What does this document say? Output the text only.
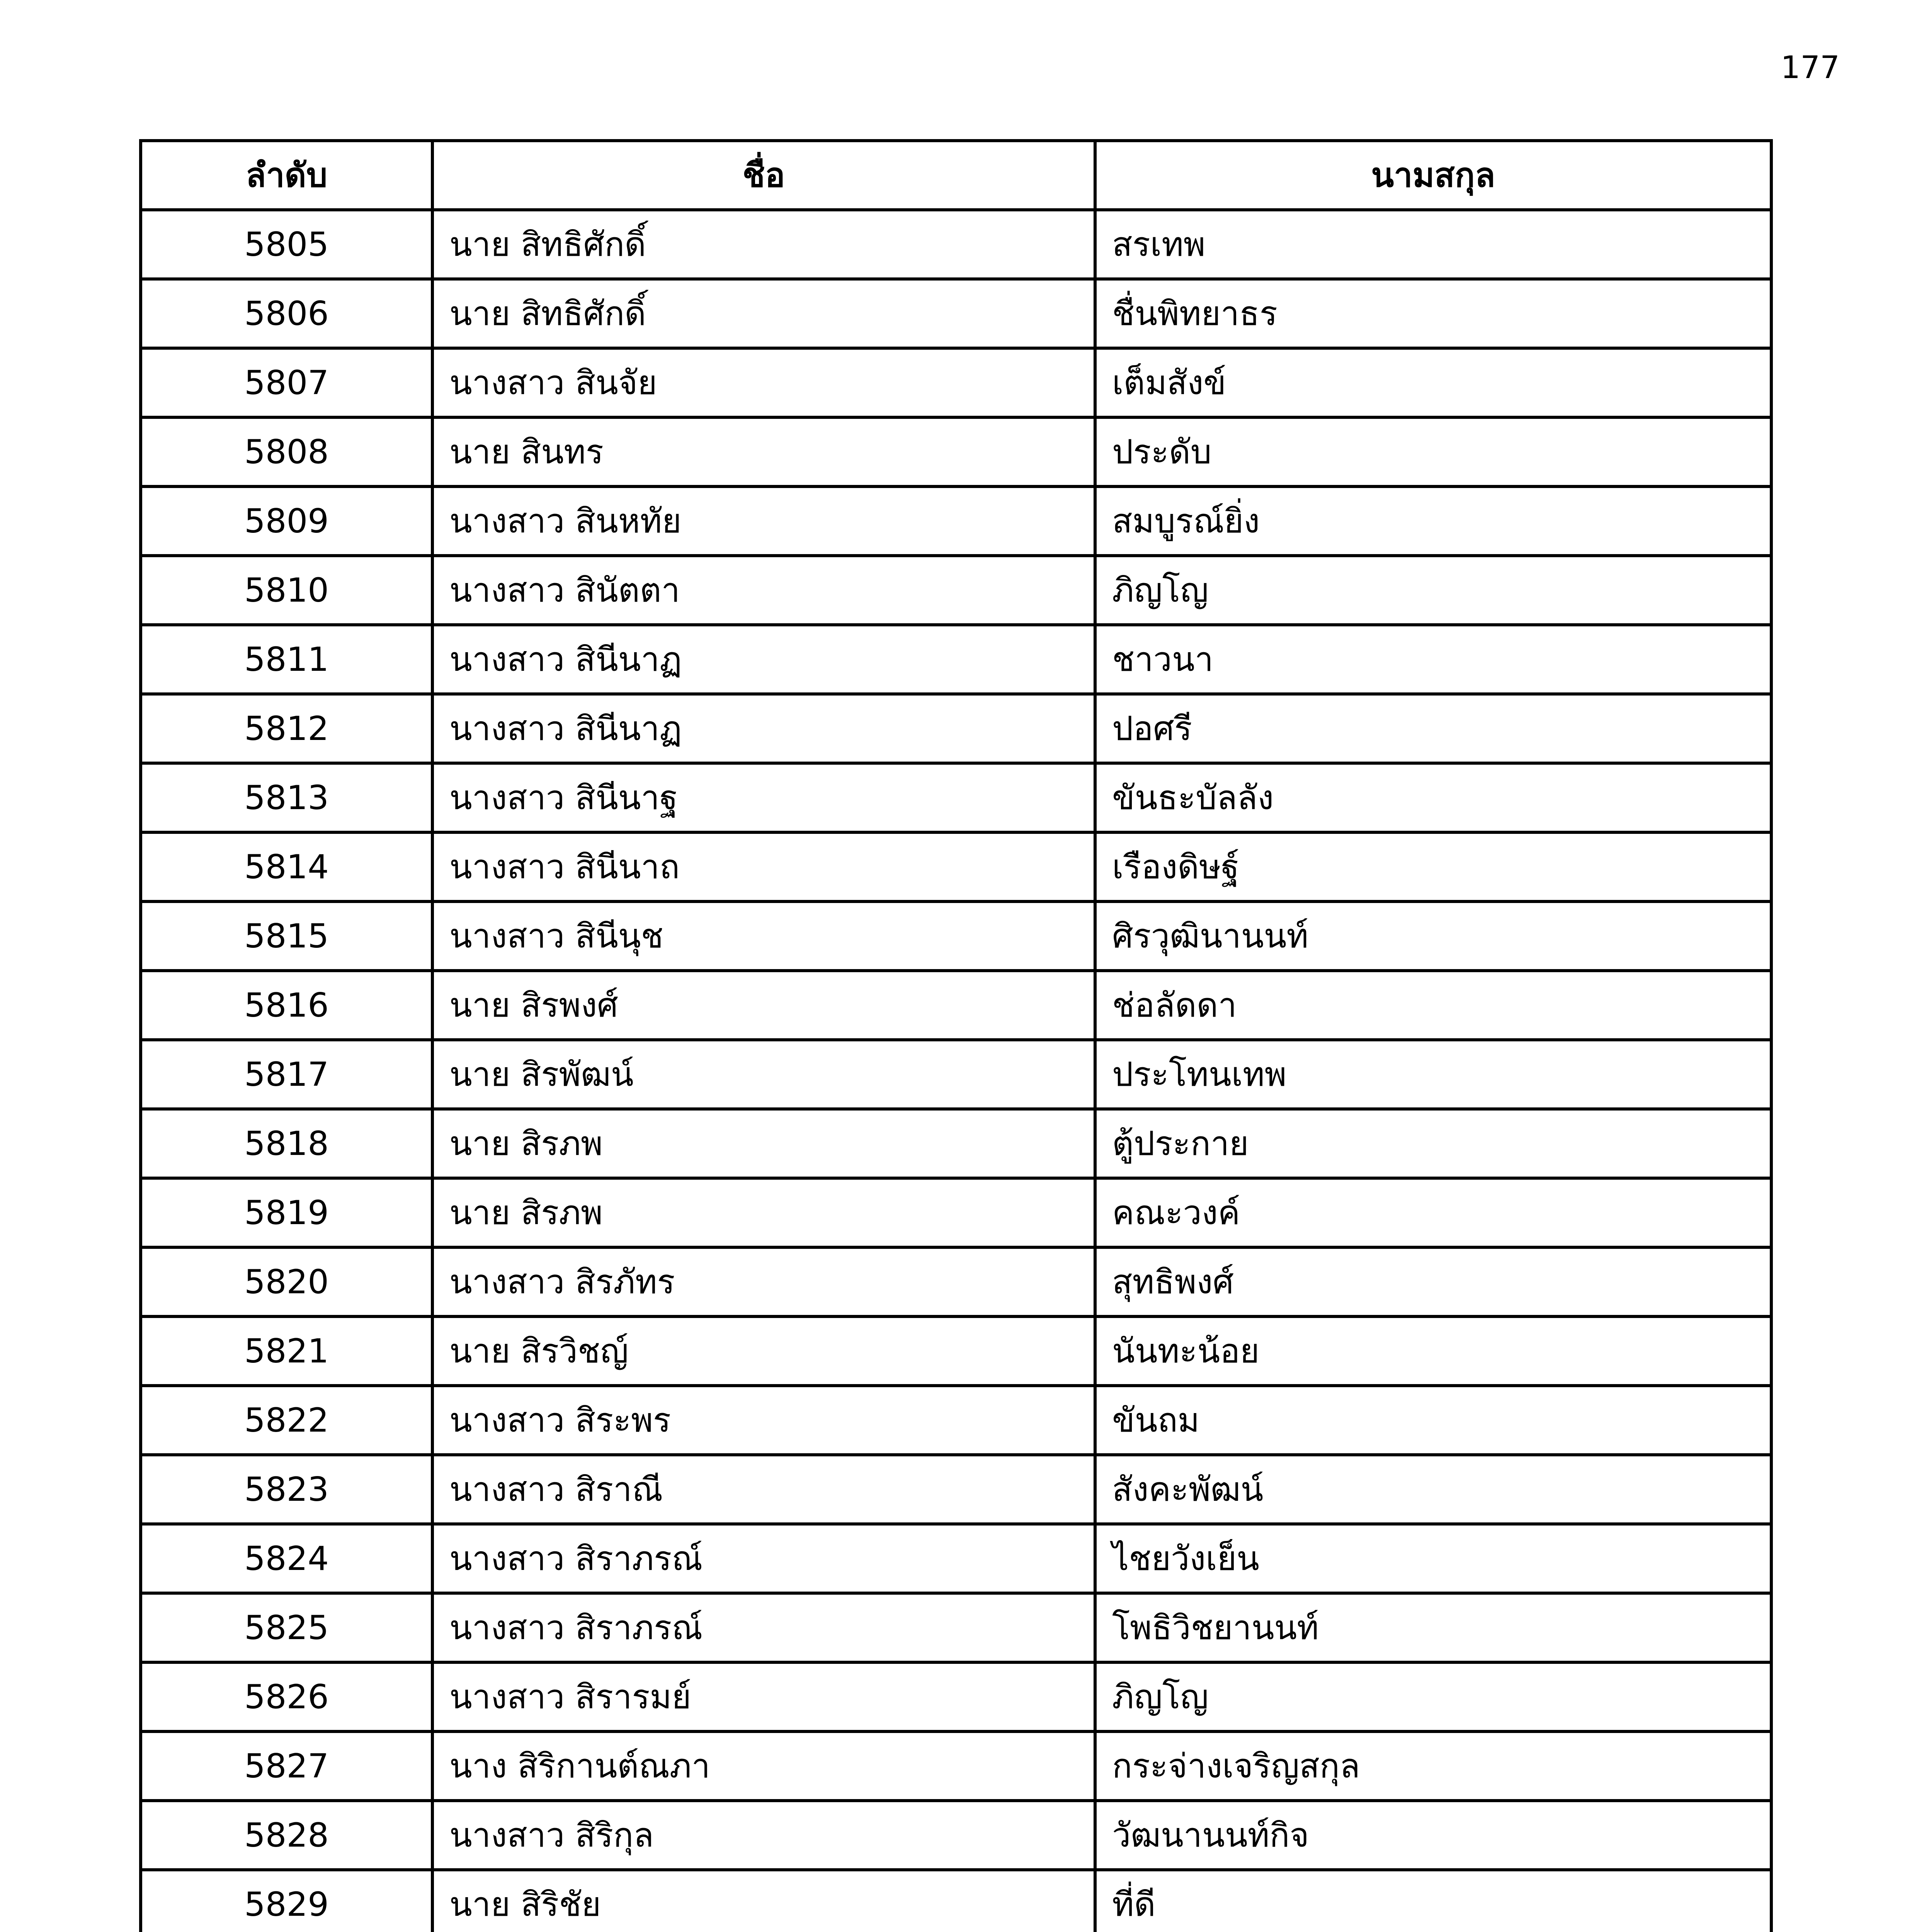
177
ลำดับ	ชื่อ	นามสกุล
5805	นาย สิทธิศักดิ์	สรเทพ
5806	นาย สิทธิศักดิ์	ชื่นพิทยาธร
5807	นางสาว สินจัย	เต็มสังข์
5808	นาย สินทร	ประดับ
5809	นางสาว สินหทัย	สมบูรณ์ยิ่ง
5810	นางสาว สินัตตา	ภิญโญ
5811	นางสาว สินีนาฏ	ชาวนา
5812	นางสาว สินีนาฏ	ปอศรี
5813	นางสาว สินีนาฐ	ขันธะบัลลัง
5814	นางสาว สินีนาถ	เรืองดิษฐ์
5815	นางสาว สินีนุช	ศิรวุฒินานนท์
5816	นาย สิรพงศ์	ช่อลัดดา
5817	นาย สิรพัฒน์	ประโทนเทพ
5818	นาย สิรภพ	ตู้ประกาย
5819	นาย สิรภพ	คณะวงค์
5820	นางสาว สิรภัทร	สุทธิพงศ์
5821	นาย สิรวิชญ์	นันทะน้อย
5822	นางสาว สิระพร	ขันถม
5823	นางสาว สิราณี	สังคะพัฒน์
5824	นางสาว สิราภรณ์	ไชยวังเย็น
5825	นางสาว สิราภรณ์	โพธิวิชยานนท์
5826	นางสาว สิรารมย์	ภิญโญ
5827	นาง สิริกานต์ณภา	กระจ่างเจริญสกุล
5828	นางสาว สิริกุล	วัฒนานนท์กิจ
5829	นาย สิริชัย	ที่ดี
